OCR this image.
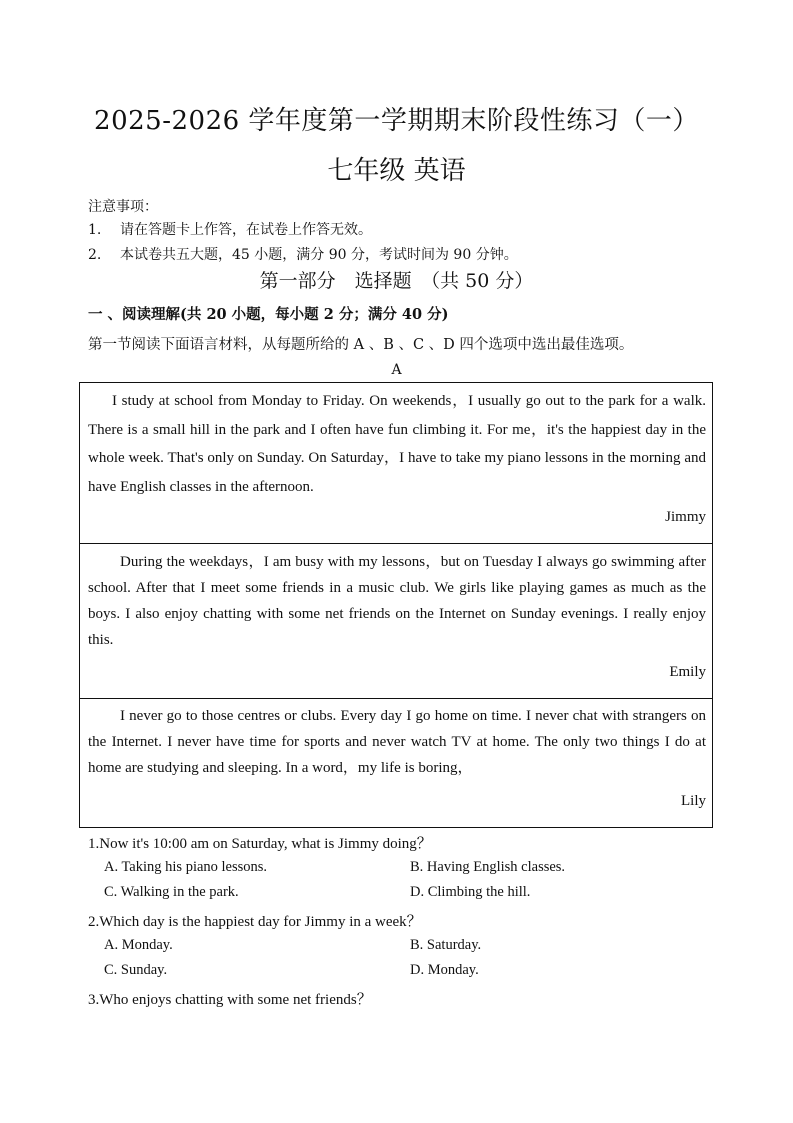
2025-2026 学年度第一学期期末阶段性练习（一）
七年级 英语
注意事项：
1. 请在答题卡上作答，在试卷上作答无效。
2. 本试卷共五大题，45 小题，满分 90 分，考试时间为 90 分钟。
第一部分　选择题　（共 50 分）
一 、阅读理解(共 20 小题，每小题 2 分；满分 40 分)
第一节阅读下面语言材料，从每题所给的 A 、B 、C 、D 四个选项中选出最佳选项。
A
I study at school from Monday to Friday. On weekends，I usually go out to the park for a walk. There is a small hill in the park and I often have fun climbing it. For me，it's the happiest day in the whole week. That's only on Sunday. On Saturday，I have to take my piano lessons in the morning and have English classes in the afternoon.
Jimmy
During the weekdays，I am busy with my lessons，but on Tuesday I always go swimming after school. After that I meet some friends in a music club. We girls like playing games as much as the boys. I also enjoy chatting with some net friends on the Internet on Sunday evenings. I really enjoy this.
Emily
I never go to those centres or clubs. Every day I go home on time. I never chat with strangers on the Internet. I never have time for sports and never watch TV at home. The only two things I do at home are studying and sleeping. In a word，my life is boring，
Lily
1.Now it's 10:00 am on Saturday, what is Jimmy doing？
A. Taking his piano lessons.	B. Having English classes.
C. Walking in the park.	D. Climbing the hill.
2.Which day is the happiest day for Jimmy in a week？
A. Monday.	B. Saturday.
C. Sunday.	D. Monday.
3.Who enjoys chatting with some net friends？
